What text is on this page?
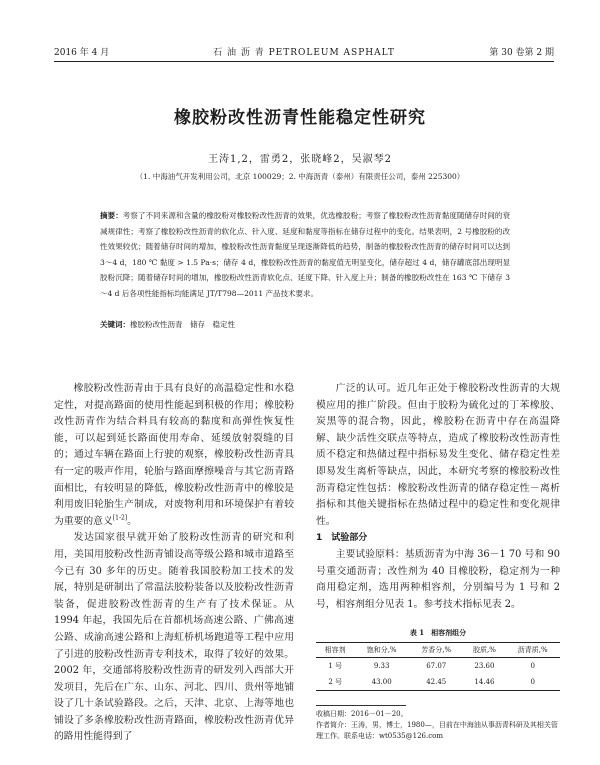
2016 年 4 月	石 油 沥 青 PETROLEUM ASPHALT	第 30 卷第 2 期
橡胶粉改性沥青性能稳定性研究
王涛1,2，雷勇2，张晓峰2，吴淑琴2
（1. 中海油气开发利用公司，北京 100029；2. 中海沥青（泰州）有限责任公司，泰州 225300）
摘要：考察了不同来源和含量的橡胶粉对橡胶粉改性沥青的效果，优选橡胶粉；考察了橡胶粉改性沥青黏度随储存时间的衰减规律性；考察了橡胶粉改性沥青的软化点、针入度、延度和黏度等指标在储存过程中的变化。结果表明，2 号橡胶粉的改性效果较优；随着储存时间的增加，橡胶粉改性沥青黏度呈现逐渐降低的趋势，制备的橡胶粉改性沥青的储存时间可以达到 3～4 d，180 ℃ 黏度 > 1.5 Pa·s；储存 4 d，橡胶粉改性沥青的黏度值无明显变化，储存超过 4 d，储存罐底部出现明显胶粉沉降；随着储存时间的增加，橡胶粉改性沥青软化点、延度下降、针入度上升；制备的橡胶粉改性在 163 ℃ 下储存 3～4 d 后各项性能指标均能满足 JT/T798—2011 产品技术要求。
关键词：橡胶粉改性沥青　储存　稳定性

橡胶粉改性沥青由于具有良好的高温稳定性和水稳定性，对提高路面的使用性能起到积极的作用；橡胶粉改性沥青作为结合料具有较高的黏度和高弹性恢复性能，可以起到延长路面使用寿命、延缓放射裂缝的目的；通过车辆在路面上行驶的观察，橡胶粉改性沥青具有一定的吸声作用，轮胎与路面摩擦噪音与其它沥青路面相比，有较明显的降低，橡胶粉改性沥青中的橡胶是利用废旧轮胎生产制成，对废物利用和环境保护有着较为重要的意义[1-2]。

发达国家很早就开始了胶粉改性沥青的研究和利用，美国用胶粉改性沥青铺设高等级公路和城市道路至今已有 30 多年的历史。随着我国胶粉加工技术的发展，特别是研制出了常温法胶粉装备以及胶粉改性沥青装备，促进胶粉改性沥青的生产有了技术保证。从 1994 年起，我国先后在首都机场高速公路、广佛高速公路、成渝高速公路和上海虹桥机场跑道等工程中应用了引进的胶粉改性沥青专利技术，取得了较好的效果。2002 年，交通部将胶粉改性沥青的研发列入西部大开发项目，先后在广东、山东、河北、四川、贵州等地铺设了几十条试验路段。之后，天津、北京、上海等地也铺设了多条橡胶粉改性沥青路面，橡胶粉改性沥青优异的路用性能得到了

广泛的认可。近几年正处于橡胶粉改性沥青的大规模应用的推广阶段。但由于胶粉为硫化过的丁苯橡胶、炭黑等的混合物，因此，橡胶粉在沥青中存在高温降解、缺少活性交联点等特点，造成了橡胶粉改性沥青性质不稳定和热储过程中指标易发生变化、储存稳定性差即易发生离析等缺点，因此，本研究考察的橡胶粉改性沥青稳定性包括：橡胶粉改性沥青的储存稳定性－离析指标和其他关键指标在热储过程中的稳定性和变化规律性。

1　试验部分

主要试验原料：基质沥青为中海 36－1 70 号和 90 号重交通沥青；改性剂为 40 目橡胶粉，稳定剂为一种商用稳定剂，选用两种相容剂，分别编号为 1 号和 2 号，相容剂组分见表 1。参考技术指标见表 2。

表 1　相容剂组分
相容剂	饱和分,%	芳香分,%	胶质,%	沥青质,%
1 号	9.33	67.07	23.60	0
2 号	43.00	42.45	14.46	0
收稿日期：2016－01－20。
作者简介：王涛，男，博士，1980—，目前在中海油从事沥青科研及其相关管理工作。联系电话：wt0535@126.com
